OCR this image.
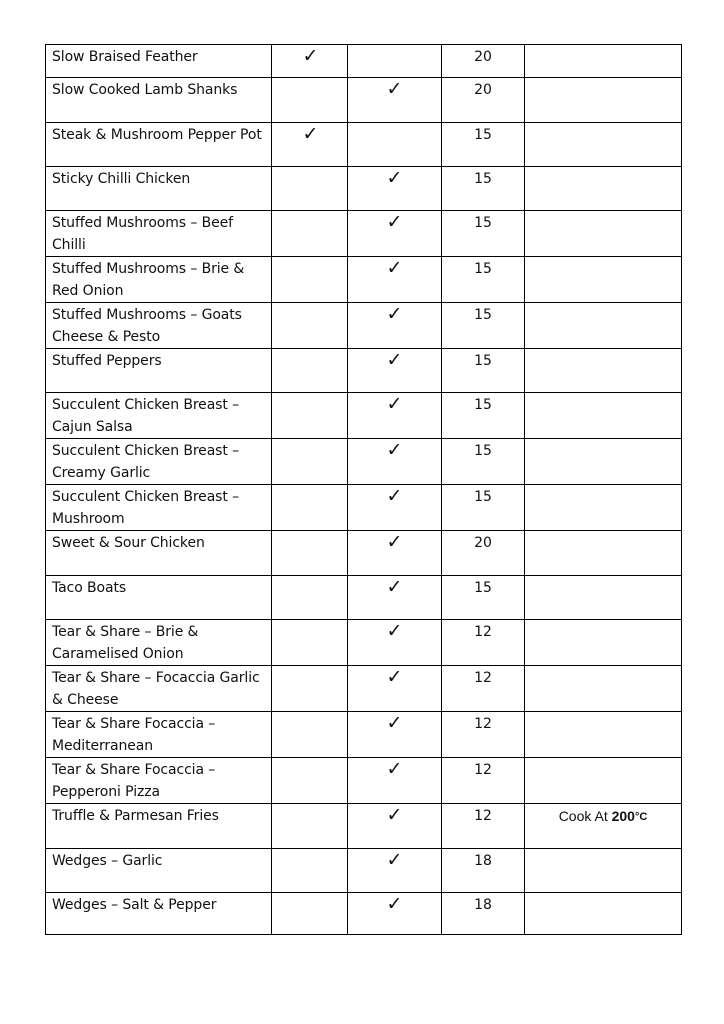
Slow Braised Feather	✓		20	
Slow Cooked Lamb Shanks		✓	20	
Steak & Mushroom Pepper Pot	✓		15	
Sticky Chilli Chicken		✓	15	
Stuffed Mushrooms – Beef Chilli		✓	15	
Stuffed Mushrooms – Brie & Red Onion		✓	15	
Stuffed Mushrooms – Goats Cheese & Pesto		✓	15	
Stuffed Peppers		✓	15	
Succulent Chicken Breast – Cajun Salsa		✓	15	
Succulent Chicken Breast – Creamy Garlic		✓	15	
Succulent Chicken Breast – Mushroom		✓	15	
Sweet & Sour Chicken		✓	20	
Taco Boats		✓	15	
Tear & Share – Brie & Caramelised Onion		✓	12	
Tear & Share – Focaccia Garlic & Cheese		✓	12	
Tear & Share Focaccia – Mediterranean		✓	12	
Tear & Share Focaccia – Pepperoni Pizza		✓	12	
Truffle & Parmesan Fries		✓	12	Cook At 200°C
Wedges – Garlic		✓	18	
Wedges – Salt & Pepper		✓	18	
